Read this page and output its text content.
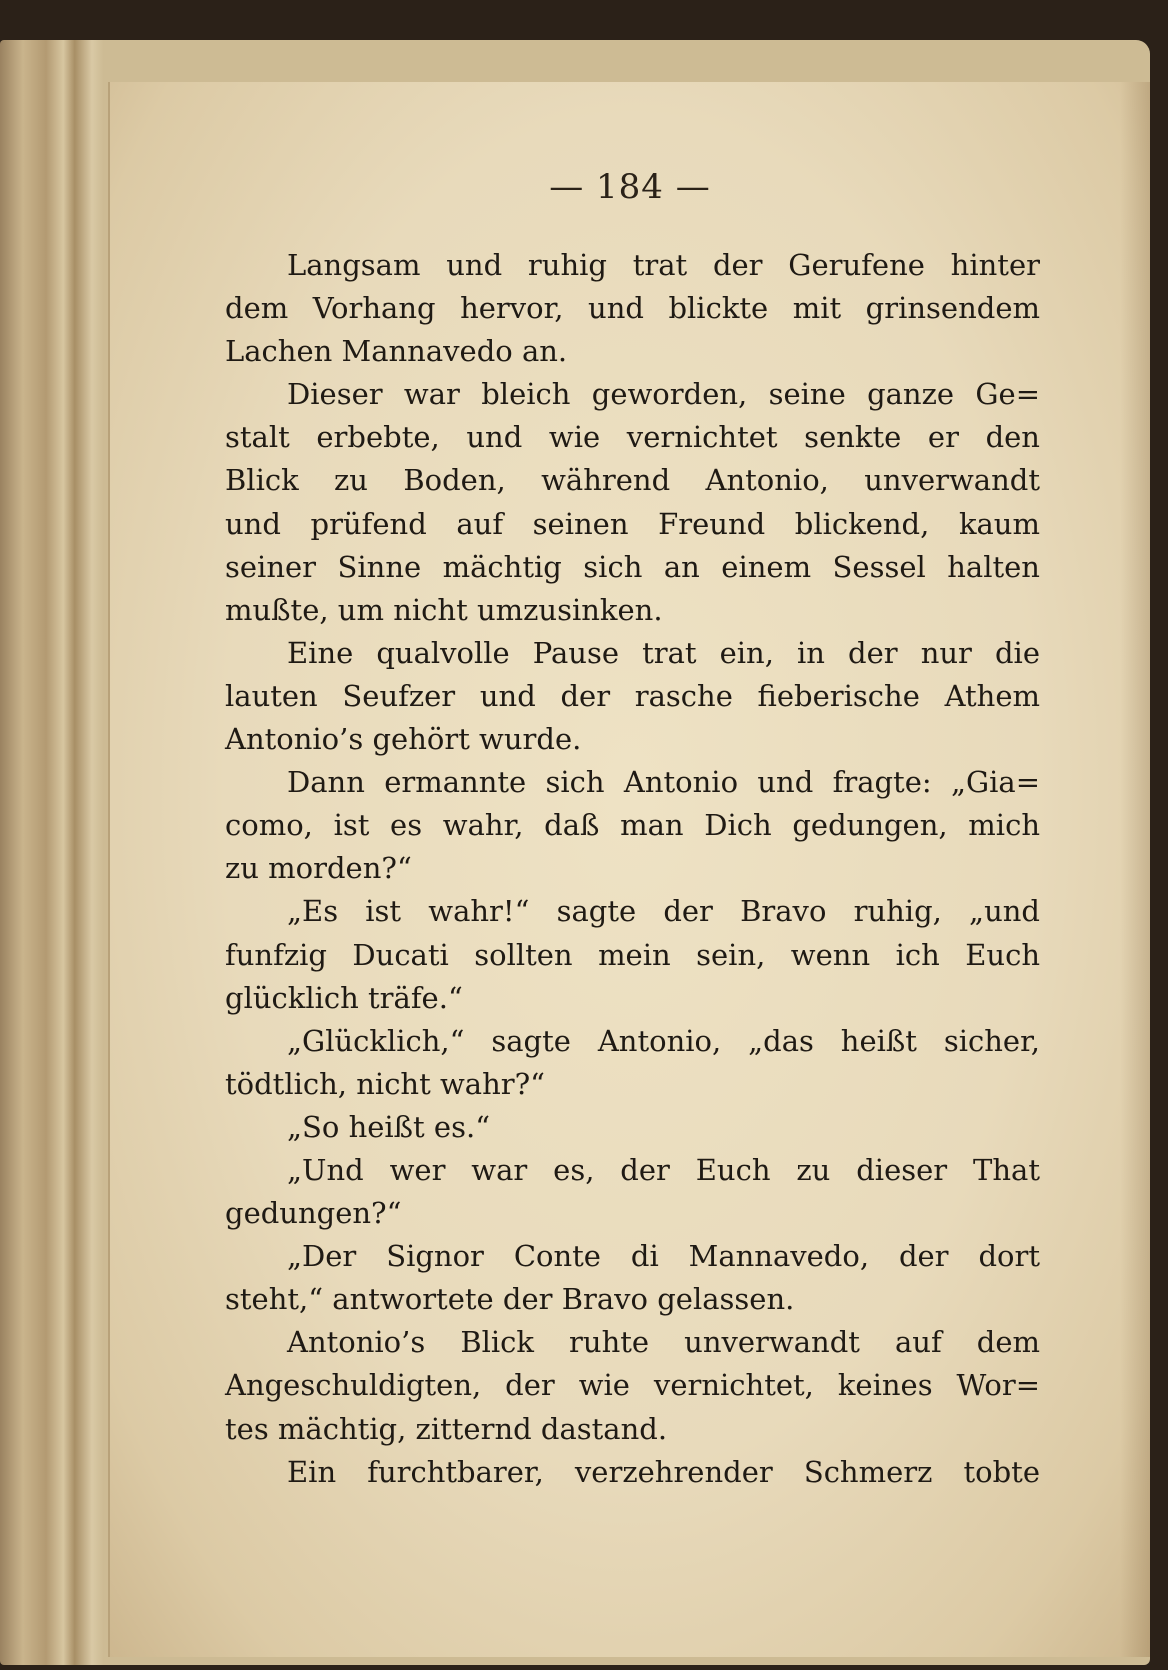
— 184 —
Langsam und ruhig trat der Gerufene hinter
dem Vorhang hervor, und blickte mit grinsendem
Lachen Mannavedo an.
Dieser war bleich geworden, seine ganze Ge=
stalt erbebte, und wie vernichtet senkte er den
Blick zu Boden, während Antonio, unverwandt
und prüfend auf seinen Freund blickend, kaum
seiner Sinne mächtig sich an einem Sessel halten
mußte, um nicht umzusinken.
Eine qualvolle Pause trat ein, in der nur die
lauten Seufzer und der rasche fieberische Athem
Antonio’s gehört wurde.
Dann ermannte sich Antonio und fragte: „Gia=
como, ist es wahr, daß man Dich gedungen, mich
zu morden?“
„Es ist wahr!“ sagte der Bravo ruhig, „und
funfzig Ducati sollten mein sein, wenn ich Euch
glücklich träfe.“
„Glücklich,“ sagte Antonio, „das heißt sicher,
tödtlich, nicht wahr?“
„So heißt es.“
„Und wer war es, der Euch zu dieser That
gedungen?“
„Der Signor Conte di Mannavedo, der dort
steht,“ antwortete der Bravo gelassen.
Antonio’s Blick ruhte unverwandt auf dem
Angeschuldigten, der wie vernichtet, keines Wor=
tes mächtig, zitternd dastand.
Ein furchtbarer, verzehrender Schmerz tobte
